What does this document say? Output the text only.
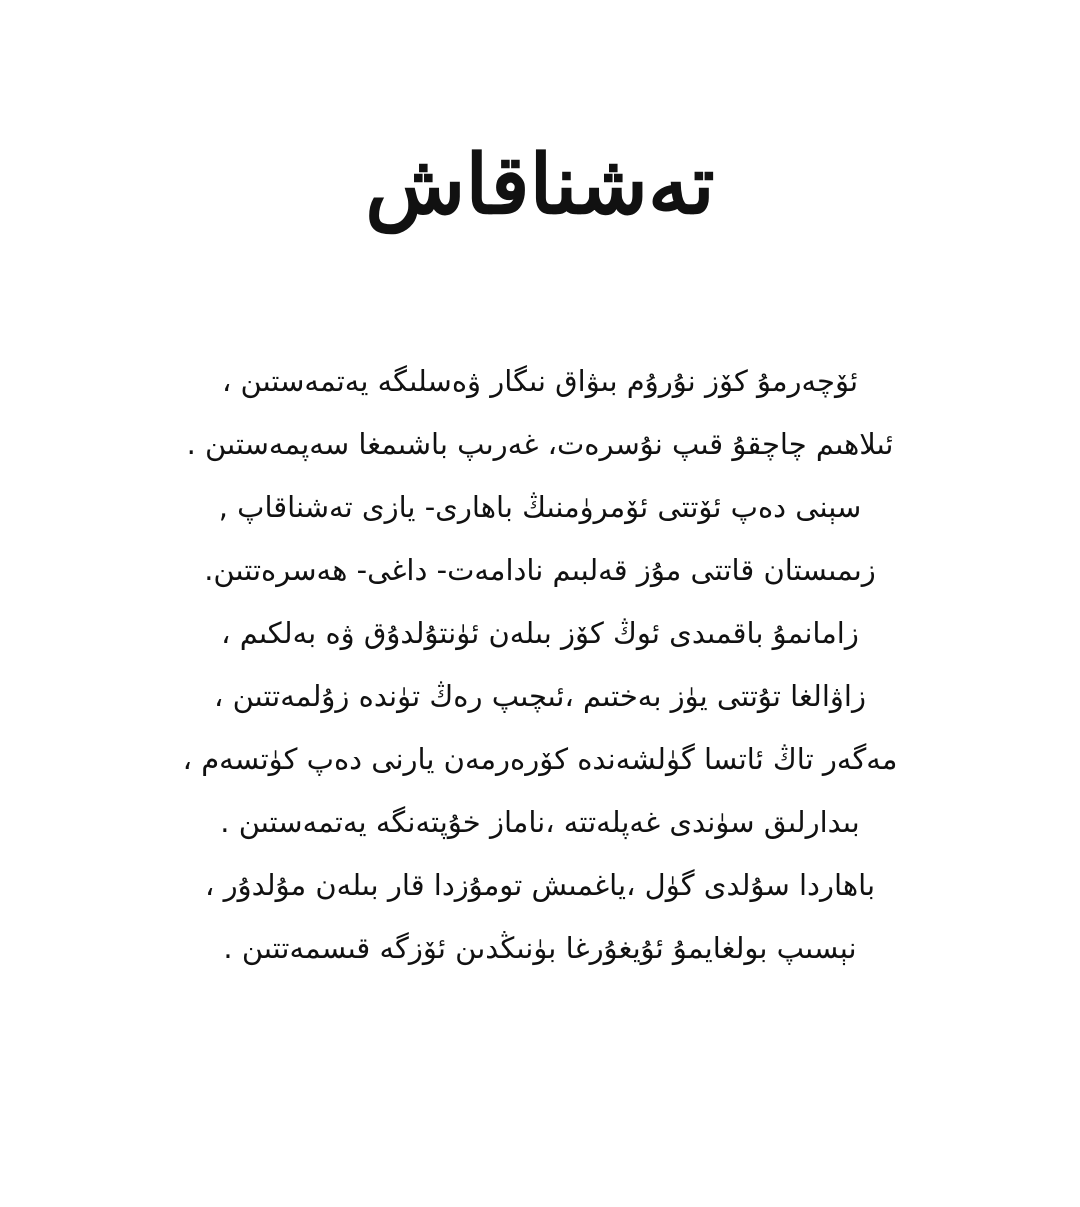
تەشناقاش
ئۆچەرمۇ كۆز نۇرۇم بىۋاق نىگار ۋەسلىگە يەتمەستىن ،
ئىلاھىم چاچقۇ قىپ نۇسرەت، غەرىپ باشىمغا سەپمەستىن .
سېنى دەپ ئۆتتى ئۆمرۈمنىڭ باھارى- يازى تەشناقاپ ,
زىمىستان قاتتى مۇز قەلبىم نادامەت- داغى- ھەسرەتتىن.
زامانمۇ باقمىدى ئوڭ كۆز بىلەن ئۈنتۇلدۇق ۋە بەلكىم ،
زاۋالغا تۇتتى يۈز بەختىم ،ئىچىپ رەڭ تۈندە زۇلمەتتىن ،
مەگەر تاڭ ئاتسا گۈلشەندە كۆرەرمەن يارنى دەپ كۈتسەم ،
بىدارلىق سۈندى غەپلەتتە ،ناماز خۇپتەنگە يەتمەستىن .
باھاردا سۇلدى گۈل ،ياغمىش تومۇزدا قار بىلەن مۇلدۇر ،
نېسىپ بولغايمۇ ئۇيغۇرغا بۈنىڭدىن ئۆزگە قىسمەتتىن .
